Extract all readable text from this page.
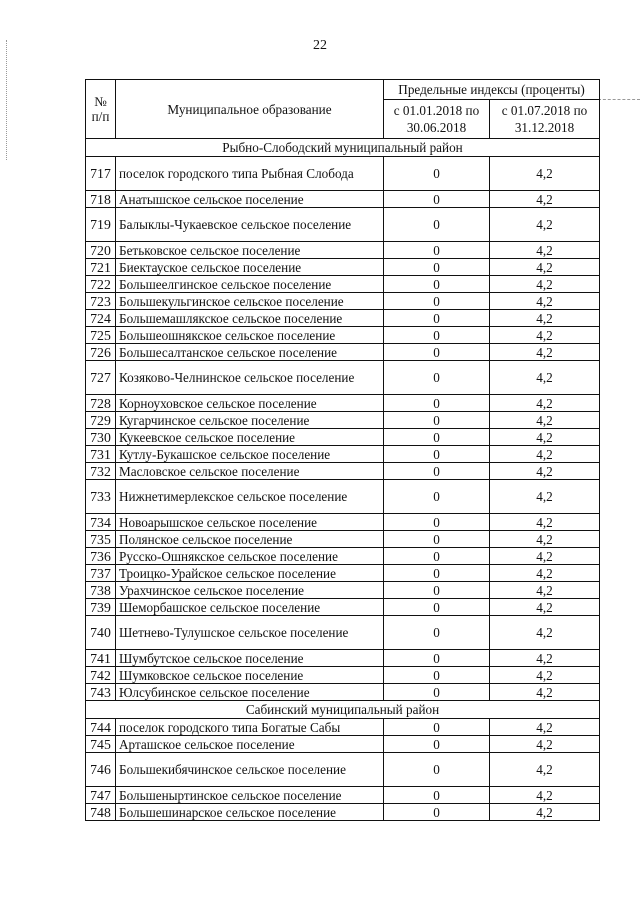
22
№ п/п	Муниципальное образование	Предельные индексы (проценты)	
		с 01.01.2018 по 30.06.2018	с 01.07.2018 по 31.12.2018
Рыбно-Слободский муниципальный район			
717	поселок городского типа Рыбная Слобода	0	4,2
718	Анатышское сельское поселение	0	4,2
719	Балыклы-Чукаевское сельское поселение	0	4,2
720	Бетьковское сельское поселение	0	4,2
721	Биектауское сельское поселение	0	4,2
722	Большеелгинское сельское поселение	0	4,2
723	Большекульгинское сельское поселение	0	4,2
724	Большемашлякское сельское поселение	0	4,2
725	Большеошнякское сельское поселение	0	4,2
726	Большесалтанское сельское поселение	0	4,2
727	Козяково-Челнинское сельское поселение	0	4,2
728	Корноуховское сельское поселение	0	4,2
729	Кугарчинское сельское поселение	0	4,2
730	Кукеевское сельское поселение	0	4,2
731	Кутлу-Букашское сельское поселение	0	4,2
732	Масловское сельское поселение	0	4,2
733	Нижнетимерлекское сельское поселение	0	4,2
734	Новоарышское сельское поселение	0	4,2
735	Полянское сельское поселение	0	4,2
736	Русско-Ошнякское сельское поселение	0	4,2
737	Троицко-Урайское сельское поселение	0	4,2
738	Урахчинское сельское поселение	0	4,2
739	Шеморбашское сельское поселение	0	4,2
740	Шетнево-Тулушское сельское поселение	0	4,2
741	Шумбутское сельское поселение	0	4,2
742	Шумковское сельское поселение	0	4,2
743	Юлсубинское сельское поселение	0	4,2
Сабинский муниципальный район			
744	поселок городского типа Богатые Сабы	0	4,2
745	Арташское сельское поселение	0	4,2
746	Большекибячинское сельское поселение	0	4,2
747	Большеныртинское сельское поселение	0	4,2
748	Большешинарское сельское поселение	0	4,2
